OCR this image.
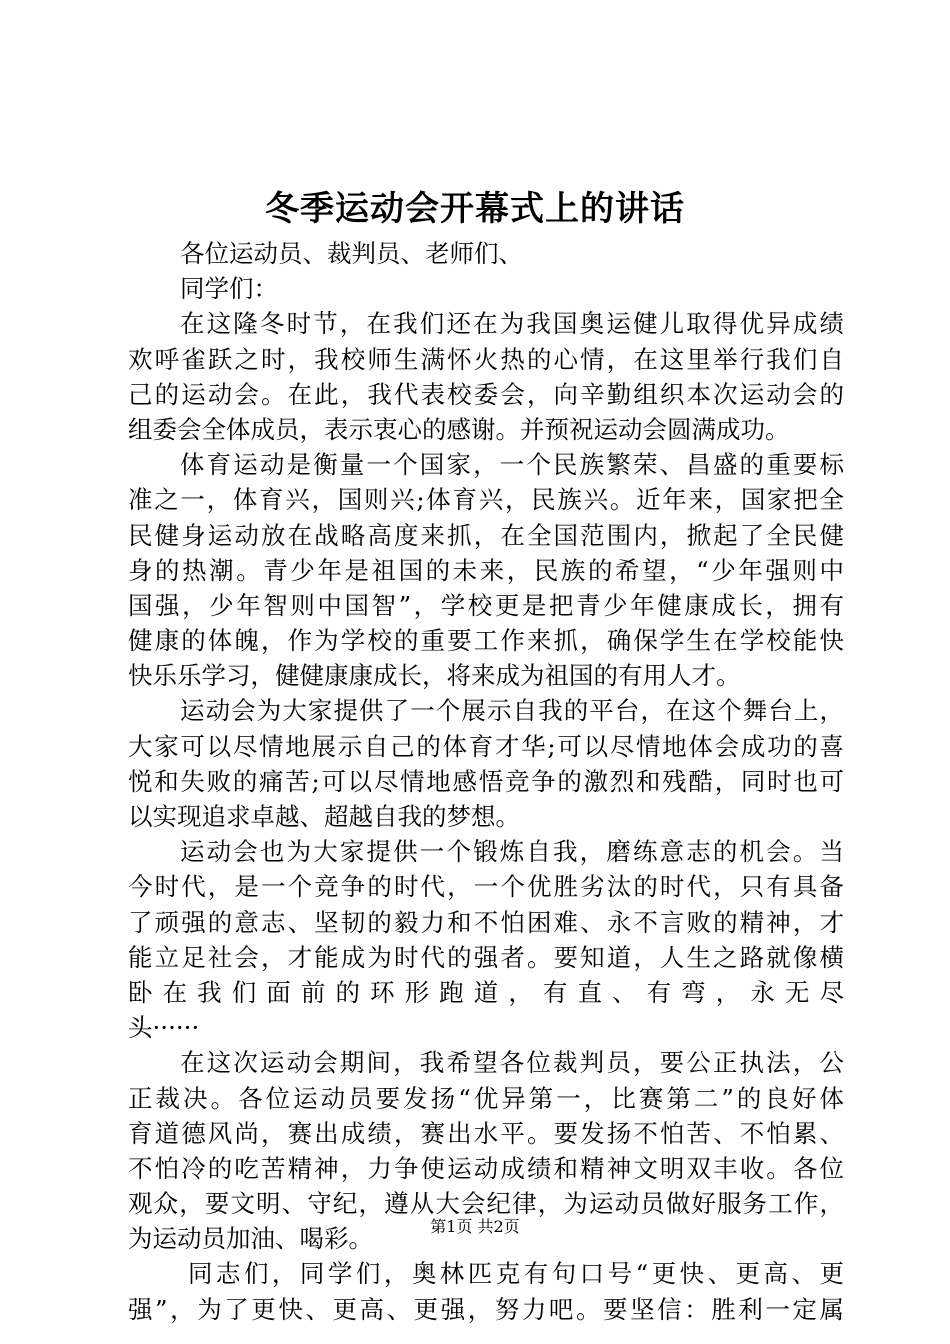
冬季运动会开幕式上的讲话
各位运动员、裁判员、老师们、
同学们：
在这隆冬时节，在我们还在为我国奥运健儿取得优异成绩
欢呼雀跃之时，我校师生满怀火热的心情，在这里举行我们自
己的运动会。在此，我代表校委会，向辛勤组织本次运动会的
组委会全体成员，表示衷心的感谢。并预祝运动会圆满成功。
体育运动是衡量一个国家，一个民族繁荣、昌盛的重要标
准之一，体育兴，国则兴;体育兴，民族兴。近年来，国家把全
民健身运动放在战略高度来抓，在全国范围内，掀起了全民健
身的热潮。青少年是祖国的未来，民族的希望，“少年强则中
国强，少年智则中国智”，学校更是把青少年健康成长，拥有
健康的体魄，作为学校的重要工作来抓，确保学生在学校能快
快乐乐学习，健健康康成长，将来成为祖国的有用人才。
运动会为大家提供了一个展示自我的平台，在这个舞台上，
大家可以尽情地展示自己的体育才华;可以尽情地体会成功的喜
悦和失败的痛苦;可以尽情地感悟竞争的激烈和残酷，同时也可
以实现追求卓越、超越自我的梦想。
运动会也为大家提供一个锻炼自我，磨练意志的机会。当
今时代，是一个竞争的时代，一个优胜劣汰的时代，只有具备
了顽强的意志、坚韧的毅力和不怕困难、永不言败的精神，才
能立足社会，才能成为时代的强者。要知道，人生之路就像横
卧在我们面前的环形跑道，有直、有弯，永无尽
头······
在这次运动会期间，我希望各位裁判员，要公正执法，公
正裁决。各位运动员要发扬“优异第一，比赛第二”的良好体
育道德风尚，赛出成绩，赛出水平。要发扬不怕苦、不怕累、
不怕冷的吃苦精神，力争使运动成绩和精神文明双丰收。各位
观众，要文明、守纪，遵从大会纪律，为运动员做好服务工作，
为运动员加油、喝彩。
同志们，同学们，奥林匹克有句口号“更快、更高、更
强”，为了更快、更高、更强，努力吧。要坚信：胜利一定属
第1页 共2页
